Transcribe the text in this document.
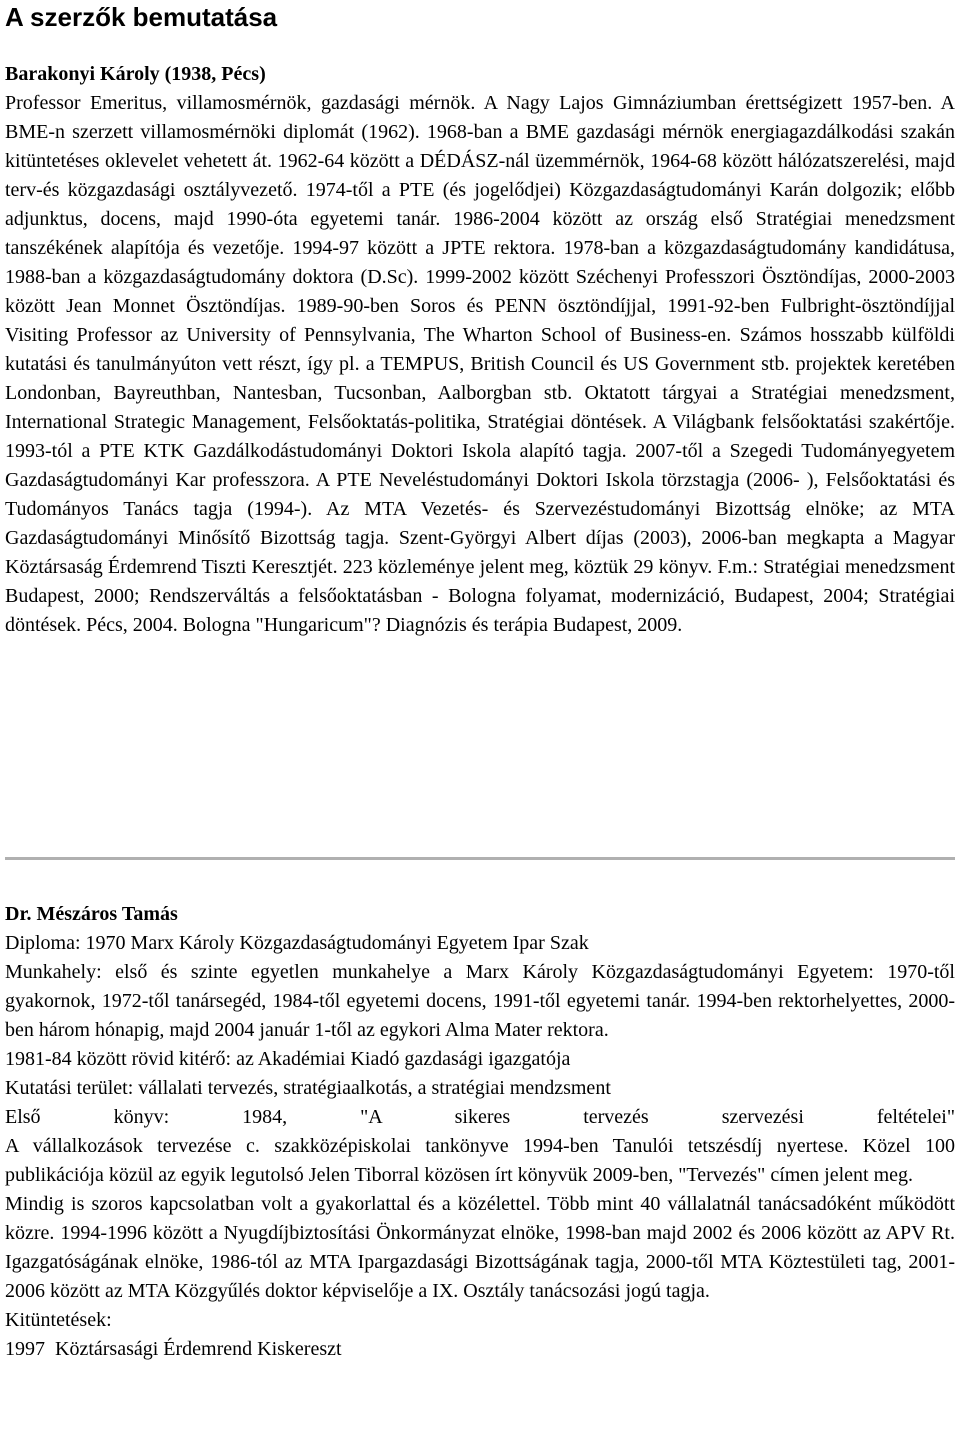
A szerzők bemutatása

Barakonyi Károly (1938, Pécs)

Professor Emeritus, villamosmérnök, gazdasági mérnök. A Nagy Lajos Gimnáziumban érettségizett 1957-ben. A BME-n szerzett villamosmérnöki diplomát (1962). 1968-ban a BME gazdasági mérnök energiagazdálkodási szakán kitüntetéses oklevelet vehetett át. 1962-64 között a DÉDÁSZ-nál üzemmérnök, 1964-68 között hálózatszerelési, majd terv-és közgazdasági osztályvezető. 1974-től a PTE (és jogelődjei) Közgazdaságtudományi Karán dolgozik; előbb adjunktus, docens, majd 1990-óta egyetemi tanár. 1986-2004 között az ország első Stratégiai menedzsment tanszékének alapítója és vezetője. 1994-97 között a JPTE rektora. 1978-ban a közgazdaságtudomány kandidátusa, 1988-ban a közgazdaságtudomány doktora (D.Sc). 1999-2002 között Széchenyi Professzori Ösztöndíjas, 2000-2003 között Jean Monnet Ösztöndíjas. 1989-90-ben Soros és PENN ösztöndíjjal, 1991-92-ben Fulbright-ösztöndíjjal Visiting Professor az University of Pennsylvania, The Wharton School of Business-en. Számos hosszabb külföldi kutatási és tanulmányúton vett részt, így pl. a TEMPUS, British Council és US Government stb. projektek keretében Londonban, Bayreuthban, Nantesban, Tucsonban, Aalborgban stb. Oktatott tárgyai a Stratégiai menedzsment, International Strategic Management, Felsőoktatás-politika, Stratégiai döntések. A Világbank felsőoktatási szakértője. 1993-tól a PTE KTK Gazdálkodástudományi Doktori Iskola alapító tagja. 2007-től a Szegedi Tudományegyetem Gazdaságtudományi Kar professzora. A PTE Neveléstudományi Doktori Iskola törzstagja (2006- ), Felsőoktatási és Tudományos Tanács tagja (1994-). Az MTA Vezetés- és Szervezéstudományi Bizottság elnöke; az MTA Gazdaságtudományi Minősítő Bizottság tagja. Szent-Györgyi Albert díjas (2003), 2006-ban megkapta a Magyar Köztársaság Érdemrend Tiszti Keresztjét. 223 közleménye jelent meg, köztük 29 könyv. F.m.: Stratégiai menedzsment Budapest, 2000; Rendszerváltás a felsőoktatásban - Bologna folyamat, modernizáció, Budapest, 2004; Stratégiai döntések. Pécs, 2004. Bologna "Hungaricum"? Diagnózis és terápia Budapest, 2009.

Dr. Mészáros Tamás

Diploma: 1970 Marx Károly Közgazdaságtudományi Egyetem Ipar Szak

Munkahely: első és szinte egyetlen munkahelye a Marx Károly Közgazdaságtudományi Egyetem: 1970-től gyakornok, 1972-től tanársegéd, 1984-től egyetemi docens, 1991-től egyetemi tanár. 1994-ben rektorhelyettes, 2000-ben három hónapig, majd 2004 január 1-től az egykori Alma Mater rektora.

1981-84 között rövid kitérő: az Akadémiai Kiadó gazdasági igazgatója

Kutatási terület: vállalati tervezés, stratégiaalkotás, a stratégiai mendzsment

Első könyv: 1984, "A sikeres tervezés szervezési feltételei"

A vállalkozások tervezése c. szakközépiskolai tankönyve 1994-ben Tanulói tetszésdíj nyertese. Közel 100 publikációja közül az egyik legutolsó Jelen Tiborral közösen írt könyvük 2009-ben, "Tervezés" címen jelent meg.

Mindig is szoros kapcsolatban volt a gyakorlattal és a közélettel. Több mint 40 vállalatnál tanácsadóként működött közre. 1994-1996 között a Nyugdíjbiztosítási Önkormányzat elnöke, 1998-ban majd 2002 és 2006 között az APV Rt. Igazgatóságának elnöke, 1986-tól az MTA Ipargazdasági Bizottságának tagja, 2000-től MTA Köztestületi tag, 2001-2006 között az MTA Közgyűlés doktor képviselője a IX. Osztály tanácsozási jogú tagja.

Kitüntetések:

1997  Köztársasági Érdemrend Kiskereszt
